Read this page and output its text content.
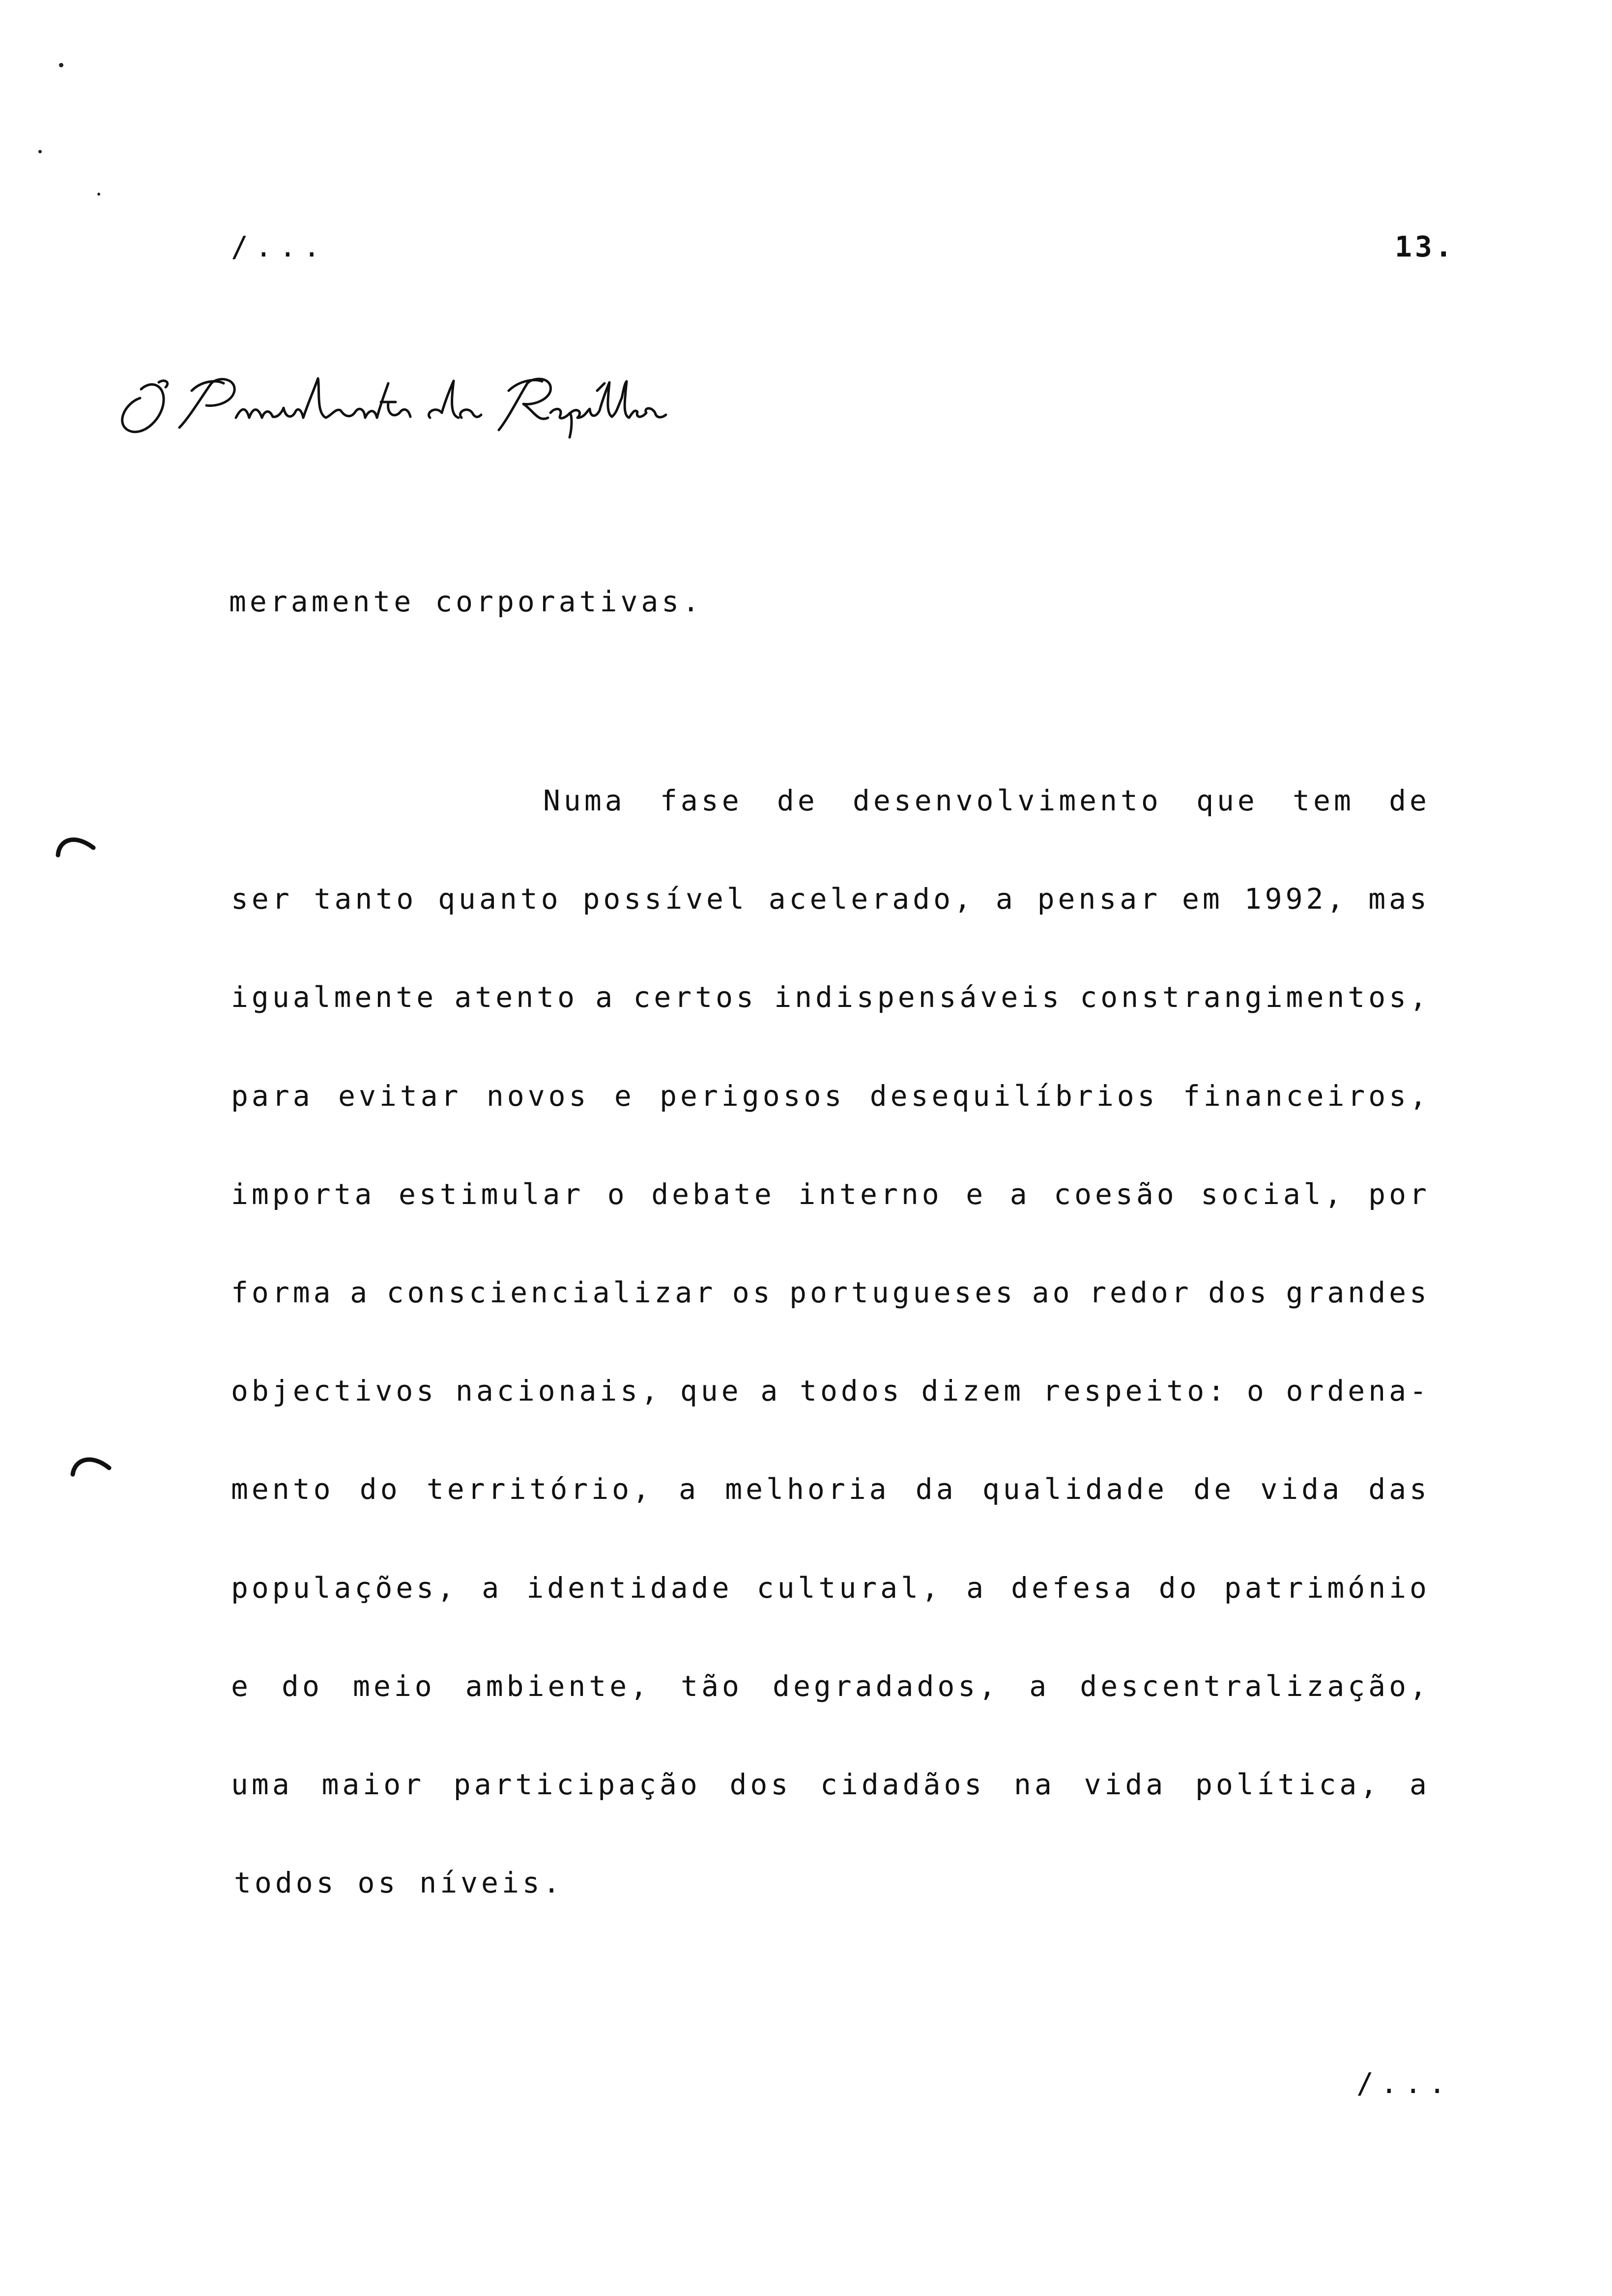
/...	13.
meramente corporativas.
Numa fase de desenvolvimento que tem de
ser tanto quanto possível acelerado, a pensar em 1992, mas
igualmente atento a certos indispensáveis constrangimentos,
para evitar novos e perigosos desequilíbrios financeiros,
importa estimular o debate interno e a coesão social, por
forma a consciencializar os portugueses ao redor dos grandes
objectivos nacionais, que a todos dizem respeito: o ordena-
mento do território, a melhoria da qualidade de vida das
populações, a identidade cultural, a defesa do património
e do meio ambiente, tão degradados, a descentralização,
uma maior participação dos cidadãos na vida política, a
todos os níveis.
/...
